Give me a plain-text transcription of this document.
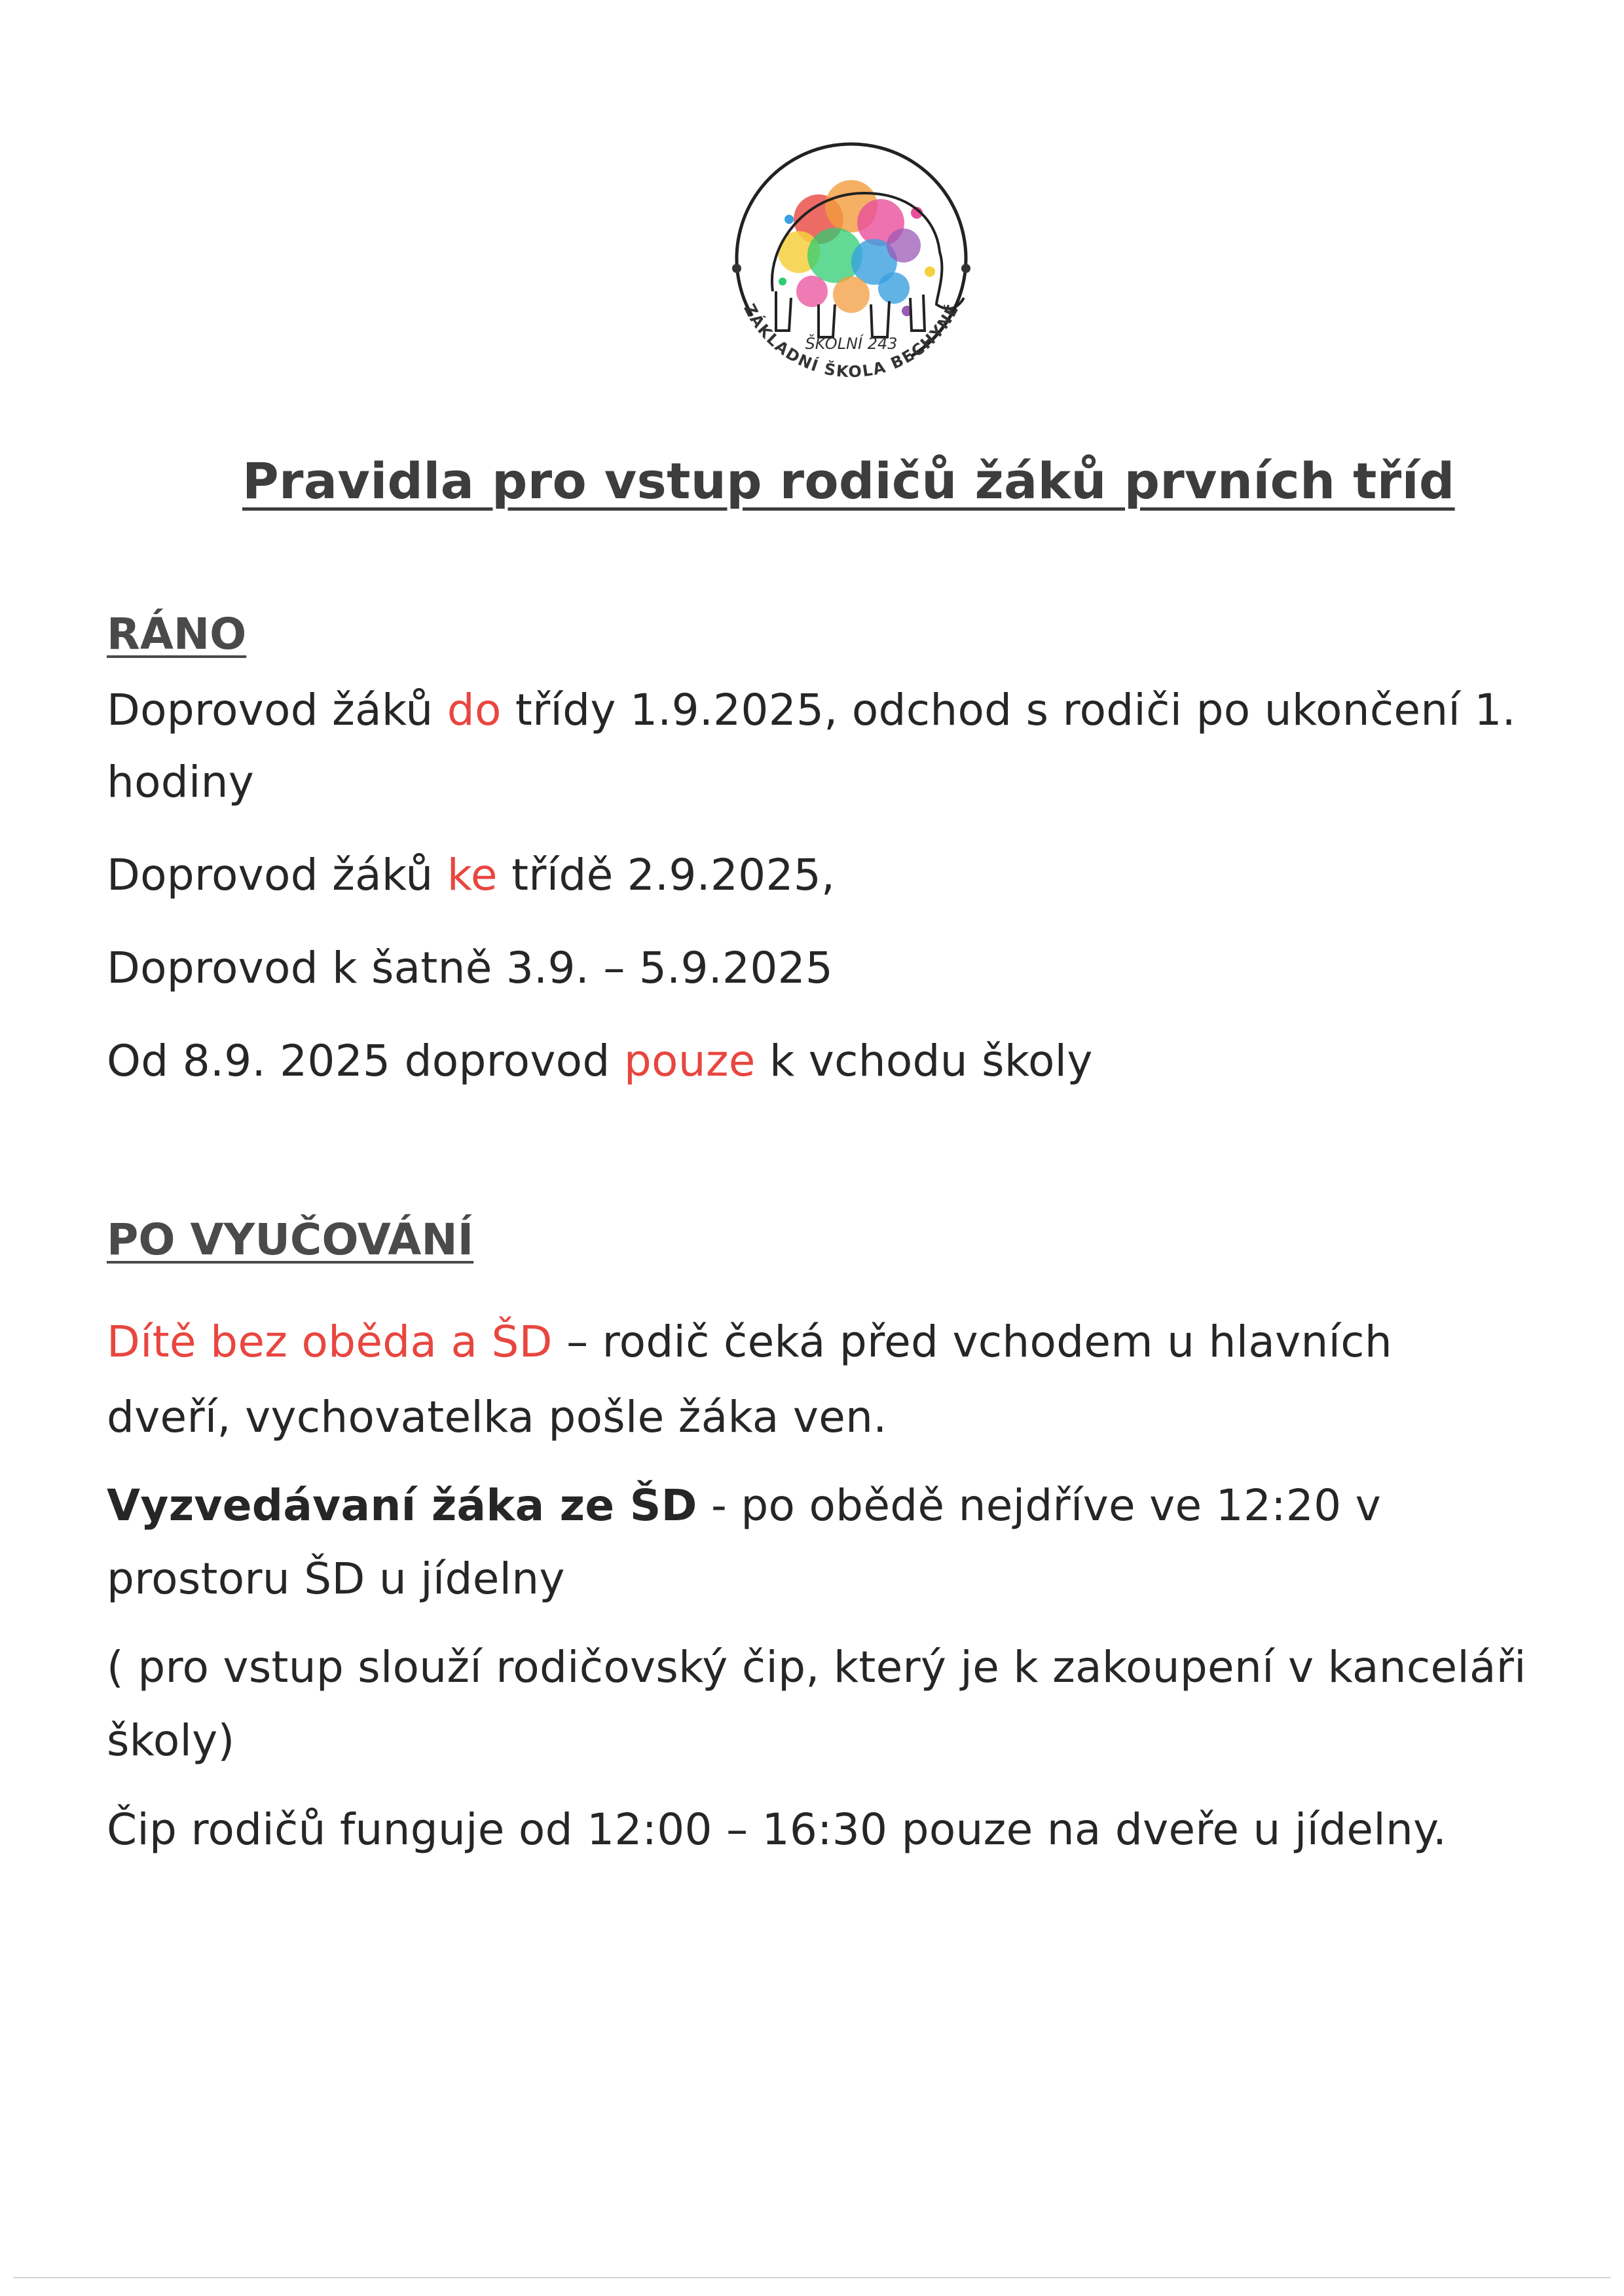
ŠKOLNÍ 243
ZÁKLADNÍ ŠKOLA BECHYNĚ
Pravidla pro vstup rodičů žáků prvních tříd
RÁNO
Doprovod žáků do třídy 1.9.2025, odchod s rodiči po ukončení 1.
hodiny
Doprovod žáků ke třídě 2.9.2025,
Doprovod k šatně 3.9. – 5.9.2025
Od 8.9. 2025 doprovod pouze k vchodu školy
PO VYUČOVÁNÍ
Dítě bez oběda a ŠD – rodič čeká před vchodem u hlavních
dveří, vychovatelka pošle žáka ven.
Vyzvedávaní žáka ze ŠD - po obědě nejdříve ve 12:20 v
prostoru ŠD u jídelny
( pro vstup slouží rodičovský čip, který je k zakoupení v kanceláři
školy)
Čip rodičů funguje od 12:00 – 16:30 pouze na dveře u jídelny.
